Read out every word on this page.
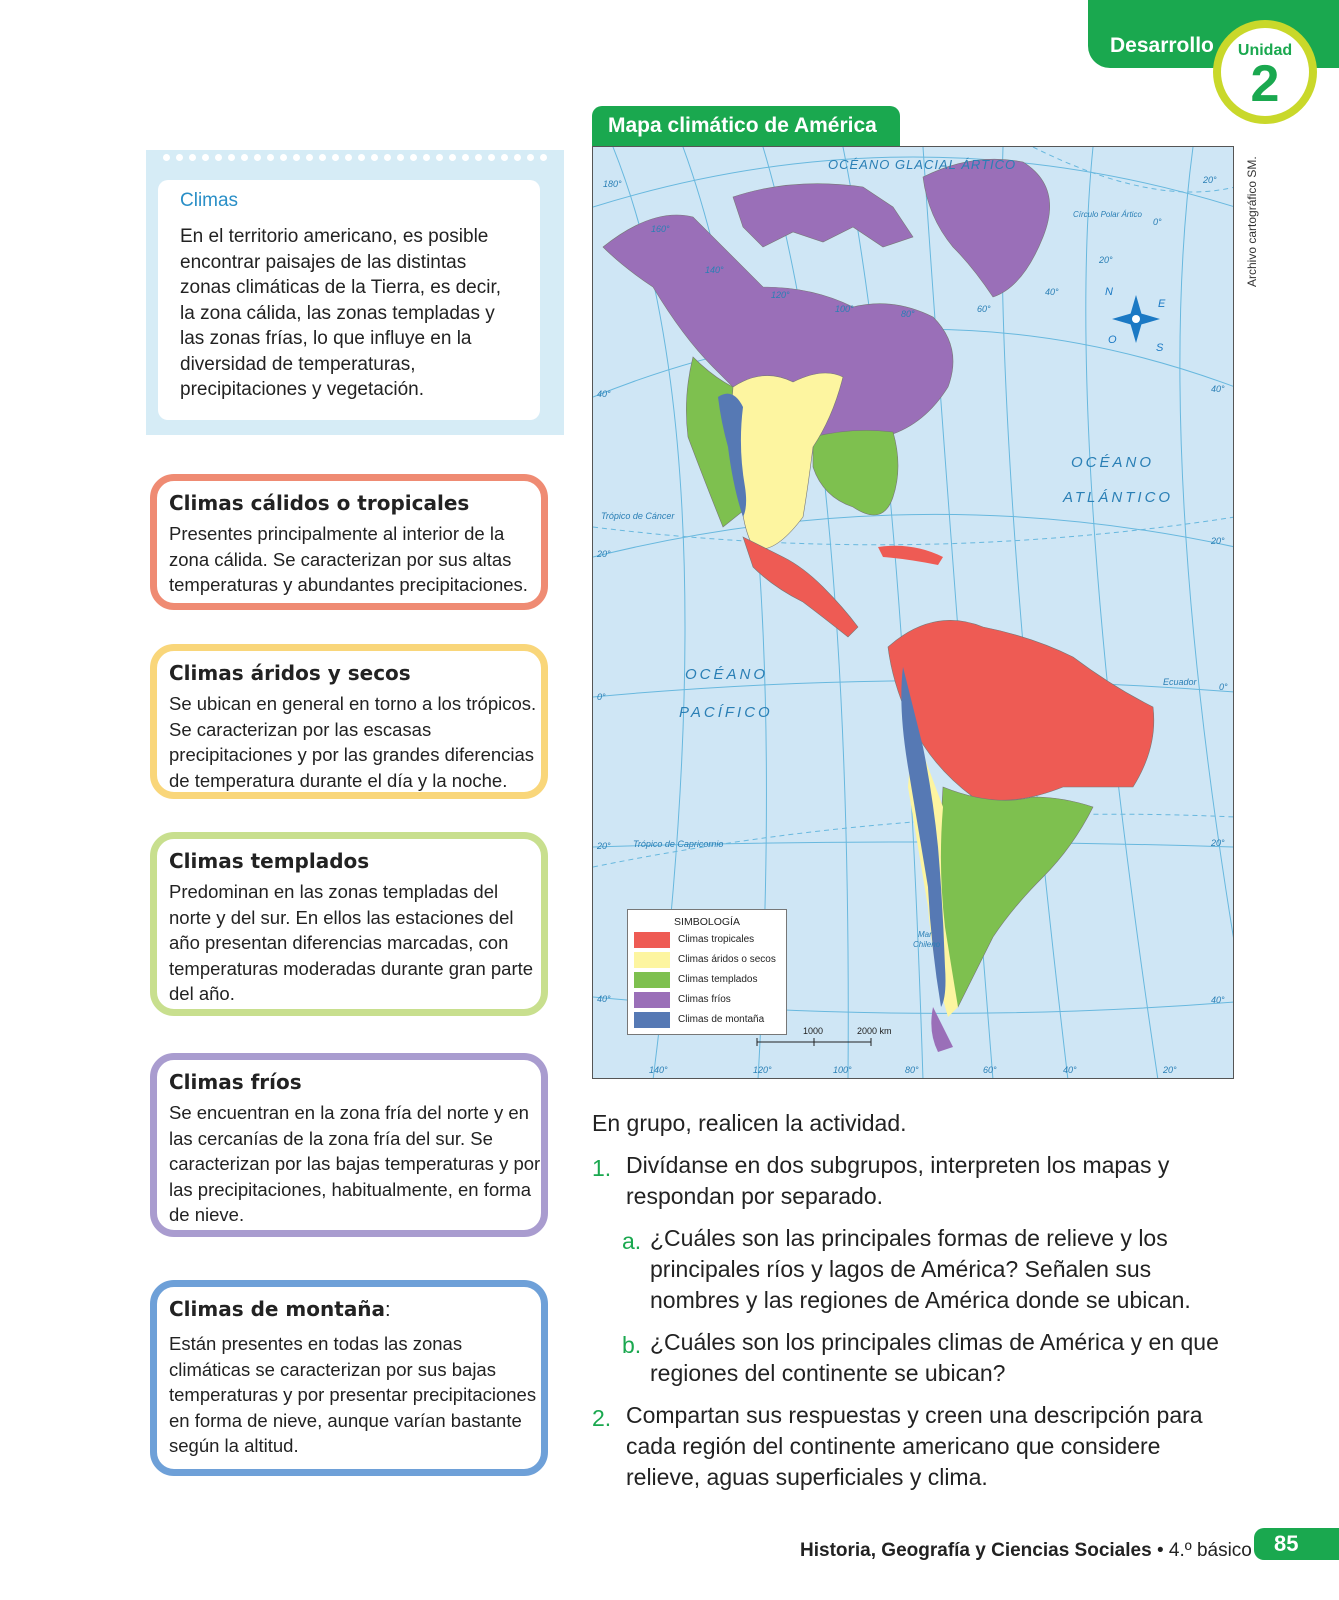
Desarrollo	Unidad
2
Climas
En el territorio americano, es posible encontrar paisajes de las distintas zonas climáticas de la Tierra, es decir, la zona cálida, las zonas templadas y las zonas frías, lo que influye en la diversidad de temperaturas, precipitaciones y vegetación.
Climas cálidos o tropicales

Presentes principalmente al interior de la zona cálida. Se caracterizan por sus altas temperaturas y abundantes precipitaciones.

Climas áridos y secos

Se ubican en general en torno a los trópicos. Se caracterizan por las escasas precipitaciones y por las grandes diferencias de temperatura durante el día y la noche.

Climas templados

Predominan en las zonas templadas del norte y del sur. En ellos las estaciones del año presentan diferencias marcadas, con temperaturas moderadas durante gran parte del año.

Climas fríos

Se encuentran en la zona fría del norte y en las cercanías de la zona fría del sur. Se caracterizan por las bajas temperaturas y por las precipitaciones, habitualmente, en forma de nieve.

Climas de montaña:

Están presentes en todas las zonas climáticas se caracterizan por sus bajas temperaturas y por presentar precipitaciones en forma de nieve, aunque varían bastante según la altitud.

Mapa climático de América
Archivo cartográfico SM.
OCÉANO GLACIAL ÁRTICO
OCÉANO
ATLÁNTICO
OCÉANO
PACÍFICO
Trópico de Cáncer
Trópico de Capricornio
Ecuador
Círculo Polar Ártico
Mar
Chileno
40°
20°
0°
20°
40°
40°
20°
0°
20°
40°
140°	120°	100°	80°	60°	40°	20°
180°
160°
140°
120°
100°	80°	60°
40°
20°
0°
20°
N
E
S
O
1000	2000 km
SIMBOLOGÍA
Climas tropicales
Climas áridos o secos
Climas templados
Climas fríos
Climas de montaña
En grupo, realicen la actividad.
1. Divídanse en dos subgrupos, interpreten los mapas y respondan por separado.
a. ¿Cuáles son las principales formas de relieve y los principales ríos y lagos de América? Señalen sus nombres y las regiones de América donde se ubican.
b. ¿Cuáles son los principales climas de América y en que regiones del continente se ubican?
2. Compartan sus respuestas y creen una descripción para cada región del continente americano que considere relieve, aguas superficiales y clima.
Historia, Geografía y Ciencias Sociales • 4.º básico 85
